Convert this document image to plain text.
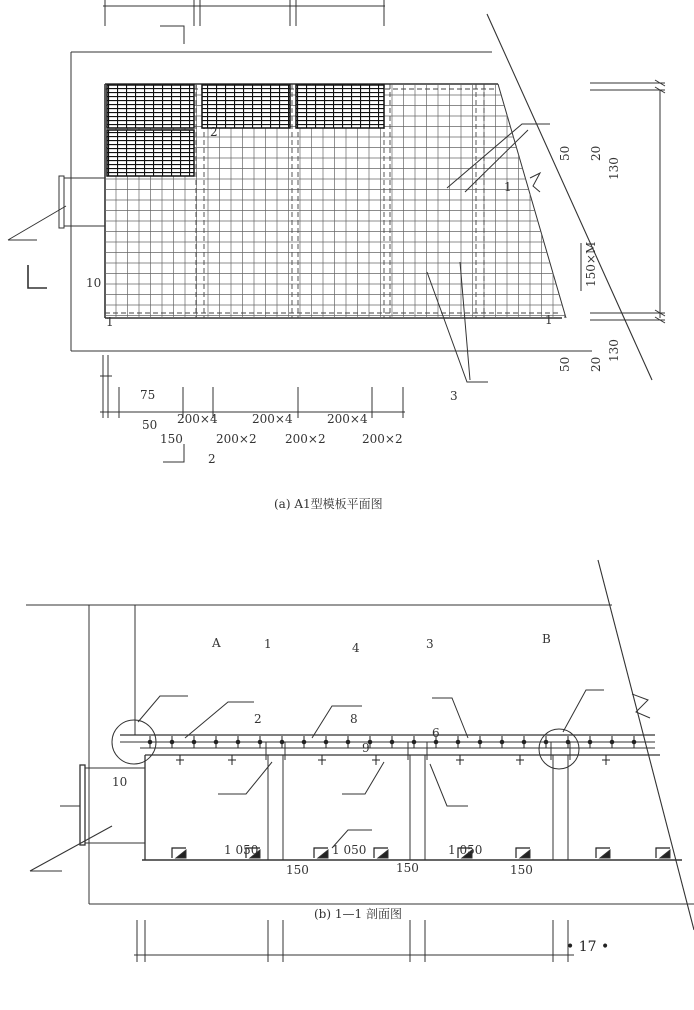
2
1
1	1
10
3
2
75
50
150
200×4	200×4	200×4
200×2 200×2	200×2
50 20
130
150×M
50 20
130
(a) A1型模板平面图
A	1	4	3	B
2	8
9
6
10
1 050	1 050	1 050
150	150	150
(b) 1—1 剖面图
• 17 •
